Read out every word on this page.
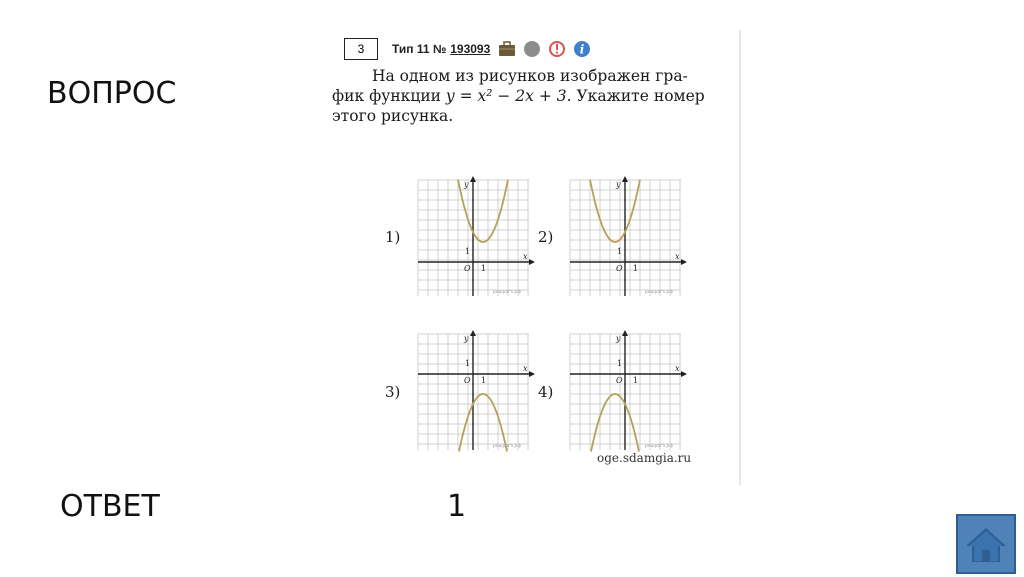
ВОПРОС
ОТВЕТ	1
3	Тип 11 № 193093	i
На одном из рисунков изображен гра-
фик функции y = x² − 2x + 3. Укажите номер
этого рисунка.
y
x
O 1
1
решуогэ.рф
1)
y
x
O 1
1
решуогэ.рф
2)
y
x
O 1
1
решуогэ.рф
3)
y
x
O 1
1
решуогэ.рф
4)
oge.sdamgia.ru
